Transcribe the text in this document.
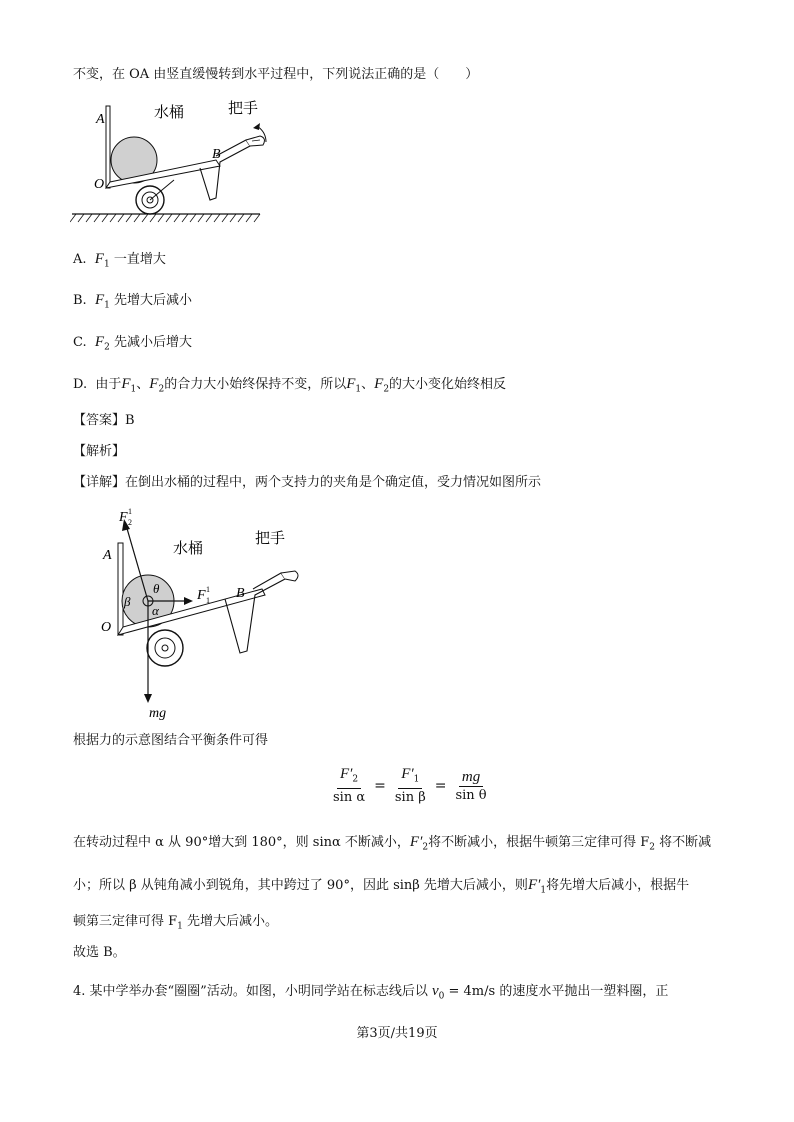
不变，在 OA 由竖直缓慢转到水平过程中，下列说法正确的是（　　）
A
O
B
水桶	把手
A. $F_1$ 一直增大
B. $F_1$ 先增大后减小
C. $F_2$ 先减小后增大
D. 由于$F_1$、$F_2$的合力大小始终保持不变，所以$F_1$、$F_2$的大小变化始终相反
【答案】B
【解析】
【详解】在倒出水桶的过程中，两个支持力的夹角是个确定值，受力情况如图所示
F 2
1
F 1
1
A
O
B
水桶
把手
θ
β
α
mg
根据力的示意图结合平衡条件可得
$\frac{F'_2}{\text{sin α}} = \frac{F'_1}{\text{sin β}} = \frac{mg}{\text{sin θ}}$
在转动过程中 α 从 90°增大到 180°，则 sinα 不断减小，$F'_2$将不断减小，根据牛顿第三定律可得 $F_2$ 将不断减
小；所以 β 从钝角减小到锐角，其中跨过了 90°，因此 sinβ 先增大后减小，则$F'_1$将先增大后减小，根据牛
顿第三定律可得 $F_1$ 先增大后减小。
故选 B。
4. 某中学举办套“圈圈”活动。如图，小明同学站在标志线后以 $v_0 = 4m/s$ 的速度水平抛出一塑料圈，正
第3页/共19页
